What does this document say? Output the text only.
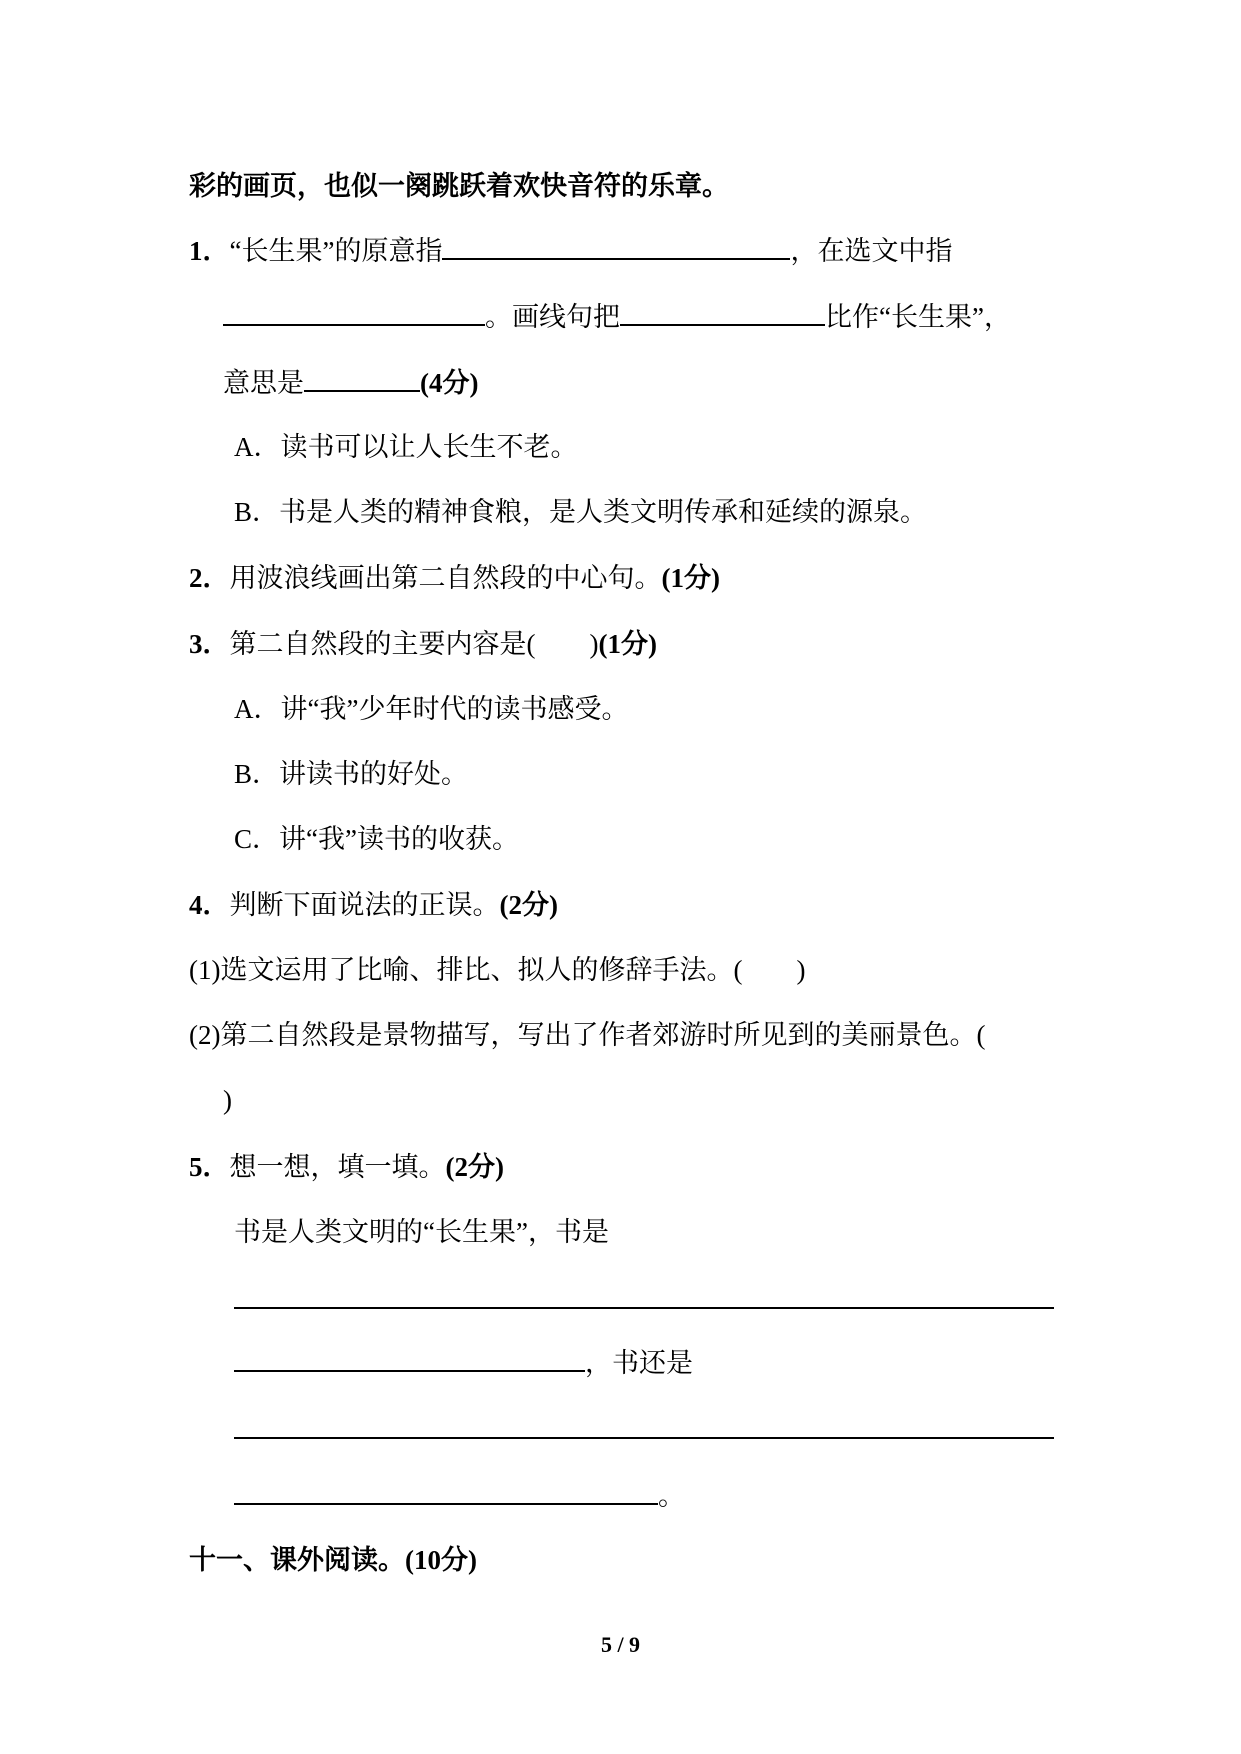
彩的画页，也似一阕跳跃着欢快音符的乐章。
1．“长生果”的原意指	，在选文中指
。画线句把	比作“长生果”，
意思是	(4分)
A．读书可以让人长生不老。
B．书是人类的精神食粮，是人类文明传承和延续的源泉。
2．用波浪线画出第二自然段的中心句。(1分)
3．第二自然段的主要内容是(　　)(1分)
A．讲“我”少年时代的读书感受。
B．讲读书的好处。
C．讲“我”读书的收获。
4．判断下面说法的正误。(2分)
(1)选文运用了比喻、排比、拟人的修辞手法。(　　)
(2)第二自然段是景物描写，写出了作者郊游时所见到的美丽景色。(
)
5．想一想，填一填。(2分)
书是人类文明的“长生果”，书是
，书还是
。
十一、课外阅读。(10分)
5 / 9
